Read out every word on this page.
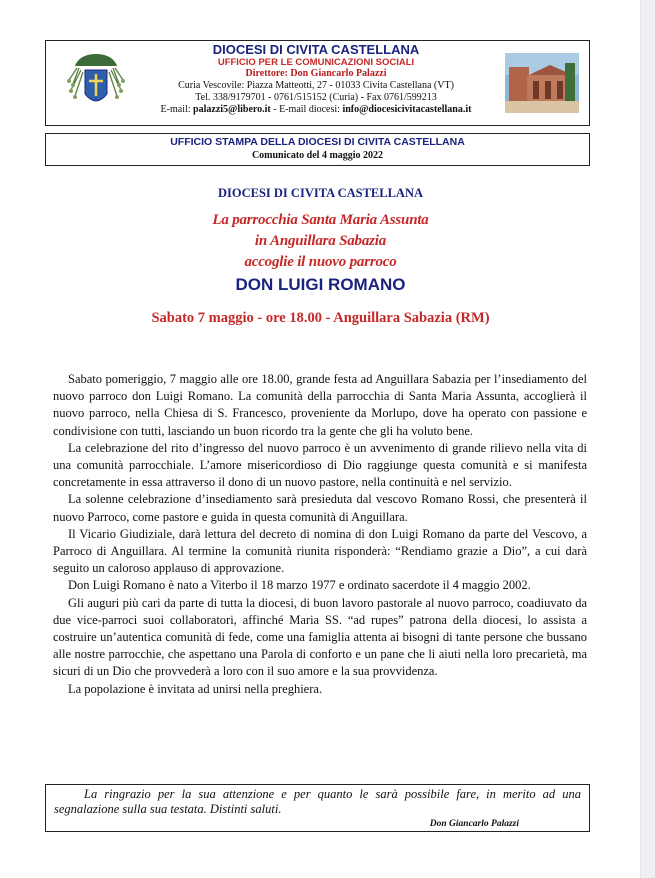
DIOCESI DI CIVITA CASTELLANA
UFFICIO PER LE COMUNICAZIONI SOCIALI
Direttore: Don Giancarlo Palazzi
Curia Vescovile: Piazza Matteotti, 27 - 01033 Civita Castellana (VT)
Tel. 338/9179701 - 0761/515152 (Curia) - Fax 0761/599213
E-mail: palazzi5@libero.it - E-mail diocesi: info@diocesicivitacastellana.it
UFFICIO STAMPA DELLA DIOCESI DI CIVITA CASTELLANA
Comunicato del 4 maggio 2022
DIOCESI DI CIVITA CASTELLANA
La parrocchia Santa Maria Assunta
in Anguillara Sabazia
accoglie il nuovo parroco
DON LUIGI ROMANO
Sabato 7 maggio - ore 18.00 - Anguillara Sabazia (RM)

Sabato pomeriggio, 7 maggio alle ore 18.00, grande festa ad Anguillara Sabazia per l’insediamento del nuovo parroco don Luigi Romano. La comunità della parrocchia di Santa Maria Assunta, accoglierà il nuovo parroco, nella Chiesa di S. Francesco, proveniente da Morlupo, dove ha operato con passione e condivisione con tutti, lasciando un buon ricordo tra la gente che gli ha voluto bene.

La celebrazione del rito d’ingresso del nuovo parroco è un avvenimento di grande rilievo nella vita di una comunità parrocchiale. L’amore misericordioso di Dio raggiunge questa comunità e si manifesta concretamente in essa attraverso il dono di un nuovo pastore, nella continuità e nel servizio.

La solenne celebrazione d’insediamento sarà presieduta dal vescovo Romano Rossi, che presenterà il nuovo Parroco, come pastore e guida in questa comunità di Anguillara.

Il Vicario Giudiziale, darà lettura del decreto di nomina di don Luigi Romano da parte del Vescovo, a Parroco di Anguillara. Al termine la comunità riunita risponderà: “Rendiamo grazie a Dio”, a cui darà seguito un caloroso applauso di approvazione.

Don Luigi Romano è nato a Viterbo il 18 marzo 1977 e ordinato sacerdote il 4 maggio 2002.

Gli auguri più cari da parte di tutta la diocesi, di buon lavoro pastorale al nuovo parroco, coadiuvato da due vice-parroci suoi collaboratori, affinché Maria SS. “ad rupes” patrona della diocesi, lo assista a costruire un’autentica comunità di fede, come una famiglia attenta ai bisogni di tante persone che bussano alle nostre parrocchie, che aspettano una Parola di conforto e un pane che li aiuti nella loro precarietà, ma sicuri di un Dio che provvederà a loro con il suo amore e la sua provvidenza.

La popolazione è invitata ad unirsi nella preghiera.

La ringrazio per la sua attenzione e per quanto le sarà possibile fare, in merito ad una segnalazione sulla sua testata. Distinti saluti.
Don Giancarlo Palazzi
